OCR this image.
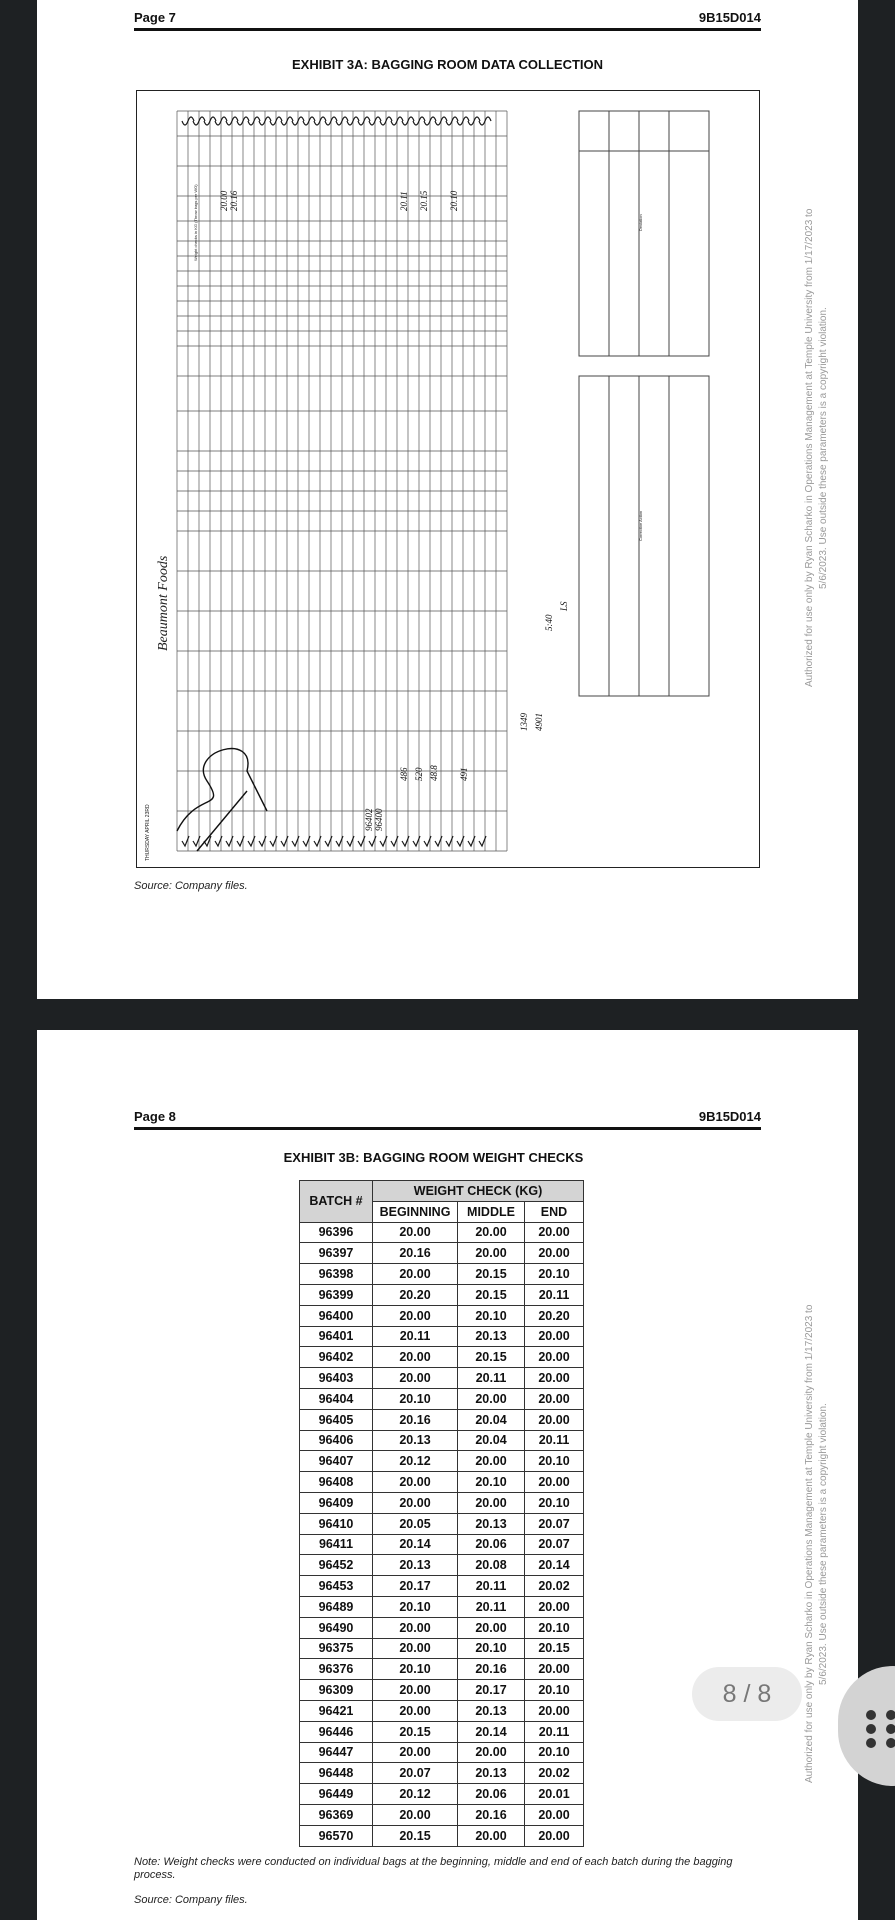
Page 7	9B15D014
EXHIBIT 3A: BAGGING ROOM DATA COLLECTION
Beaumont Foods
THURSDAY APRIL 23RD
Weight checks in KG (Throw bags per WO)	Deviation
Corrective Action
96402 96400
486 520 48.8 491
1349 4901
5:40
LS
20.00 20.16	20.11 20.15 20.10
Source: Company files.
Authorized for use only by Ryan Scharko in Operations Management at Temple University from 1/17/2023 to 5/6/2023. Use outside these parameters is a copyright violation.
Page 8	9B15D014
EXHIBIT 3B: BAGGING ROOM WEIGHT CHECKS
BATCH #	WEIGHT CHECK (KG)		
	BEGINNING	MIDDLE	END
96396	20.00	20.00	20.00
96397	20.16	20.00	20.00
96398	20.00	20.15	20.10
96399	20.20	20.15	20.11
96400	20.00	20.10	20.20
96401	20.11	20.13	20.00
96402	20.00	20.15	20.00
96403	20.00	20.11	20.00
96404	20.10	20.00	20.00
96405	20.16	20.04	20.00
96406	20.13	20.04	20.11
96407	20.12	20.00	20.10
96408	20.00	20.10	20.00
96409	20.00	20.00	20.10
96410	20.05	20.13	20.07
96411	20.14	20.06	20.07
96452	20.13	20.08	20.14
96453	20.17	20.11	20.02
96489	20.10	20.11	20.00
96490	20.00	20.00	20.10
96375	20.00	20.10	20.15
96376	20.10	20.16	20.00
96309	20.00	20.17	20.10
96421	20.00	20.13	20.00
96446	20.15	20.14	20.11
96447	20.00	20.00	20.10
96448	20.07	20.13	20.02
96449	20.12	20.06	20.01
96369	20.00	20.16	20.00
96570	20.15	20.00	20.00
Note: Weight checks were conducted on individual bags at the beginning, middle and end of each batch during the bagging process.
Source: Company files.
Authorized for use only by Ryan Scharko in Operations Management at Temple University from 1/17/2023 to 5/6/2023. Use outside these parameters is a copyright violation.
8 / 8
